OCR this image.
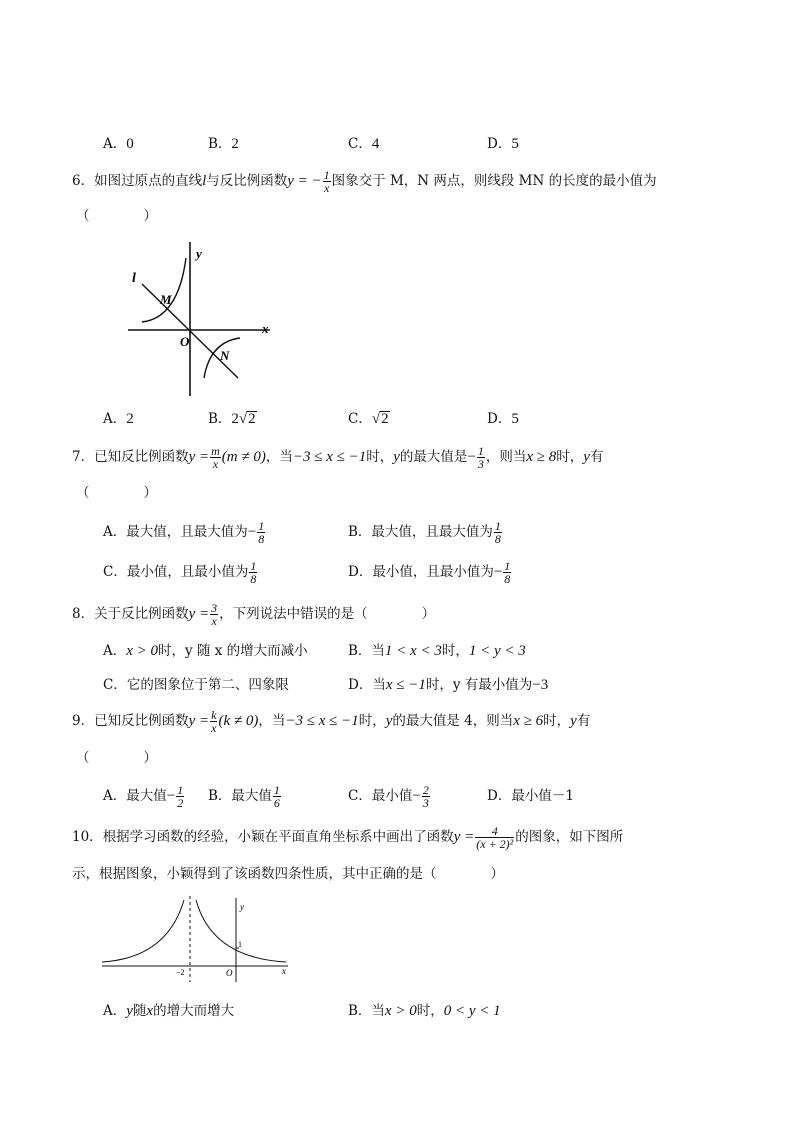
A．0	B．2	C．4	D．5
6．如图过原点的直线l与反比例函数y = − $\frac{1}{x}$ 图象交于 M，N 两点，则线段 MN 的长度的最小值为
（　　　　）
l
y
x
M
O
N
A．2	B．2√2	C．√2	D．5
7．已知反比例函数$y = \frac{m}{x} (m \ne 0)$，当−3 ≤ x ≤ −1时，y的最大值是− $\frac{1}{3}$ ，则当x ≥ 8时，y有
（　　　　）
A．最大值，且最大值为− $\frac{1}{8}$	B．最大值，且最大值为 $\frac{1}{8}$
C．最小值，且最小值为 $\frac{1}{8}$	D．最小值，且最小值为− $\frac{1}{8}$
8．关于反比例函数$y = \frac{3}{x}$ ，下列说法中错误的是（　　　　）
A．x > 0时，y 随 x 的增大而减小	B．当1 < x < 3时，1 < y < 3
C．它的图象位于第二、四象限	D．当x ≤ −1时，y 有最小值为−3
9．已知反比例函数$y = \frac{k}{x} (k \ne 0)$，当−3 ≤ x ≤ −1时，y的最大值是 4，则当x ≥ 6时，y有
（　　　　）
A．最大值− $\frac{1}{2}$ B．最大值 $\frac{1}{6}$	C．最小值− $\frac{2}{3}$	D．最小值－1
10．根据学习函数的经验，小颖在平面直角坐标系中画出了函数$y = \frac{4}{\text{(x + 2)²}}$ 的图象，如下图所
示，根据图象，小颖得到了该函数四条性质，其中正确的是（　　　　）
y
1
−2	O	x
A．y随x的增大而增大	B．当x > 0时，0 < y < 1
